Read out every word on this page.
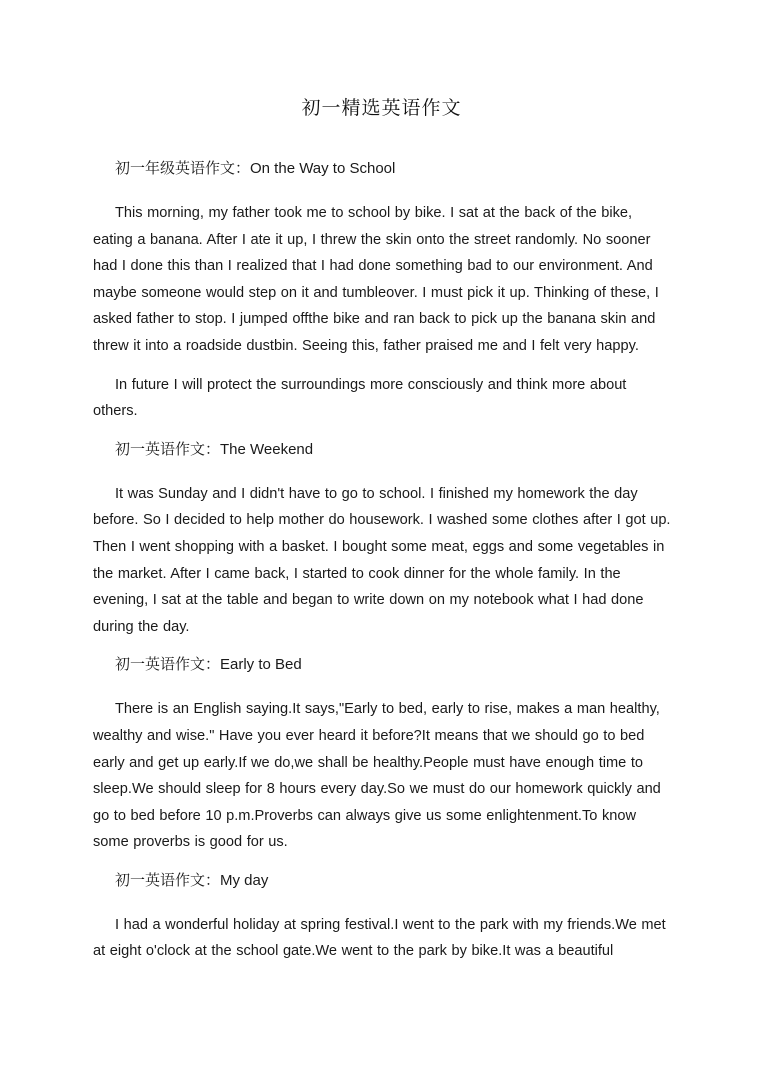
初一精选英语作文

初一年级英语作文：On the Way to School

This morning, my father took me to school by bike. I sat at the back of the bike, eating a banana. After I ate it up, I threw the skin onto the street randomly. No sooner had I done this than I realized that I had done something bad to our environment. And maybe someone would step on it and tumbleover. I must pick it up. Thinking of these, I asked father to stop. I jumped offthe bike and ran back to pick up the banana skin and threw it into a roadside dustbin. Seeing this, father praised me and I felt very happy.

In future I will protect the surroundings more consciously and think more about others.

初一英语作文：The Weekend

It was Sunday and I didn't have to go to school. I finished my homework the day before. So I decided to help mother do housework. I washed some clothes after I got up. Then I went shopping with a basket. I bought some meat, eggs and some vegetables in the market. After I came back, I started to cook dinner for the whole family. In the evening, I sat at the table and began to write down on my notebook what I had done during the day.

初一英语作文：Early to Bed

There is an English saying.It says,"Early to bed, early to rise, makes a man healthy, wealthy and wise." Have you ever heard it before?It means that we should go to bed early and get up early.If we do,we shall be healthy.People must have enough time to sleep.We should sleep for 8 hours every day.So we must do our homework quickly and go to bed before 10 p.m.Proverbs can always give us some enlightenment.To know some proverbs is good for us.

初一英语作文：My day

I had a wonderful holiday at spring festival.I went to the park with my friends.We met at eight o'clock at the school gate.We went to the park by bike.It was a beautiful
